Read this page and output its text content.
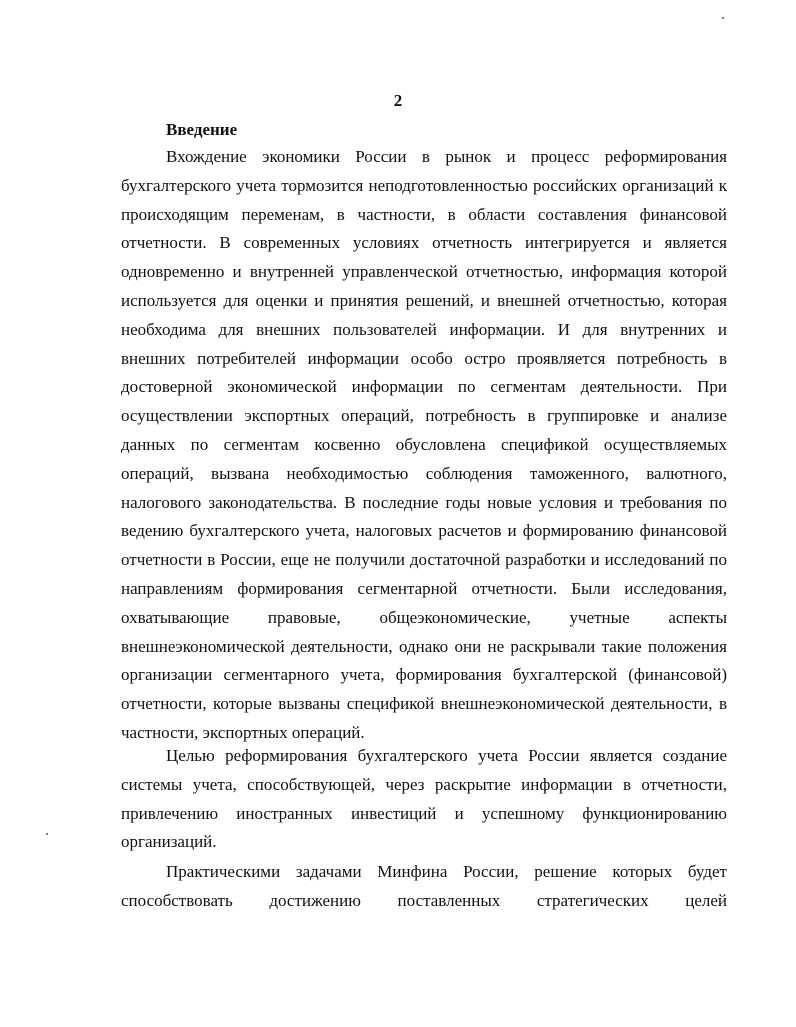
2
Введение

Вхождение экономики России в рынок и процесс реформирования бухгалтерского учета тормозится неподготовленностью российских организаций к происходящим переменам, в частности, в области составления финансовой отчетности. В современных условиях отчетность интегрируется и является одновременно и внутренней управленческой отчетностью, информация которой используется для оценки и принятия решений, и внешней отчетностью, которая необходима для внешних пользователей информации. И для внутренних и внешних потребителей информации особо остро проявляется потребность в достоверной экономической информации по сегментам деятельности. При осуществлении экспортных операций, потребность в группировке и анализе данных по сегментам косвенно обусловлена спецификой осуществляемых операций, вызвана необходимостью соблюдения таможенного, валютного, налогового законодательства. В последние годы новые условия и требования по ведению бухгалтерского учета, налоговых расчетов и формированию финансовой отчетности в России, еще не получили достаточной разработки и исследований по направлениям формирования сегментарной отчетности. Были исследования, охватывающие правовые, общеэкономические, учетные аспекты внешнеэкономической деятельности, однако они не раскрывали такие положения организации сегментарного учета, формирования бухгалтерской (финансовой) отчетности, которые вызваны спецификой внешнеэкономической деятельности, в частности, экспортных операций.

Целью реформирования бухгалтерского учета России является создание системы учета, способствующей, через раскрытие информации в отчетности, привлечению иностранных инвестиций и успешному функционированию организаций.

Практическими задачами Минфина России, решение которых будет способствовать достижению поставленных стратегических целей
